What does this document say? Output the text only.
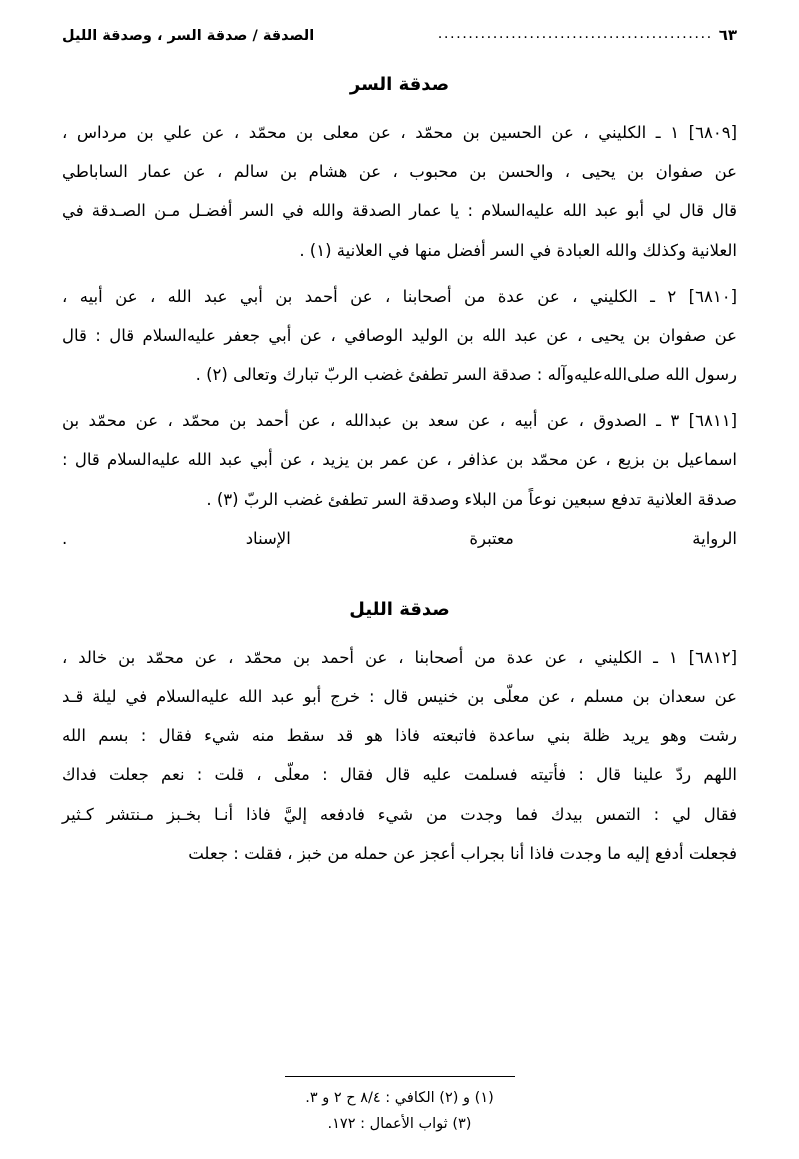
الصدقة / صدقة السر ، وصدقة الليل	............................................. ٦٣
صدقة السر

[٦٨٠٩] ١ ـ الكليني ، عن الحسين بن محمّد ، عن معلى بن محمّد ، عن علي بن مرداس ،

عن صفوان بن يحيى ، والحسن بن محبوب ، عن هشام بن سالم ، عن عمار الساباطي

قال قال لي أبو عبد الله عليه‌السلام : يا عمار الصدقة والله في السر أفضـل مـن الصـدقة في

العلانية وكذلك والله العبادة في السر أفضل منها في العلانية (١) .

[٦٨١٠] ٢ ـ الكليني ، عن عدة من أصحابنا ، عن أحمد بن أبي عبد الله ، عن أبيه ،

عن صفوان بن يحيى ، عن عبد الله بن الوليد الوصافي ، عن أبي جعفر عليه‌السلام قال : قال

رسول الله صلى‌الله‌عليه‌وآله : صدقة السر تطفئ غضب الربّ تبارك وتعالى (٢) .

[٦٨١١] ٣ ـ الصدوق ، عن أبيه ، عن سعد بن عبدالله ، عن أحمد بن محمّد ، عن محمّد بن

اسماعيل بن بزيع ، عن محمّد بن عذافر ، عن عمر بن يزيد ، عن أبي عبد الله عليه‌السلام قال :

صدقة العلانية تدفع سبعين نوعاً من البلاء وصدقة السر تطفئ غضب الربّ (٣) .

الرواية معتبرة الإسناد .

صدقة الليل

[٦٨١٢] ١ ـ الكليني ، عن عدة من أصحابنا ، عن أحمد بن محمّد ، عن محمّد بن خالد ،

عن سعدان بن مسلم ، عن معلّى بن خنيس قال : خرج أبو عبد الله عليه‌السلام في ليلة قـد

رشت وهو يريد ظلة بني ساعدة فاتبعته فاذا هو قد سقط منه شيء فقال : بسم الله

اللهم ردّ علينا قال : فأتيته فسلمت عليه قال فقال : معلّى ، قلت : نعم جعلت فداك

فقال لي : التمس بيدك فما وجدت من شيء فادفعه إليَّ فاذا أنـا بخـبز مـنتشر كـثير

فجعلت أدفع إليه ما وجدت فاذا أنا بجراب أعجز عن حمله من خبز ، فقلت : جعلت

(١) و (٢) الكافي : ٨/٤ ح ٢ و ٣.

(٣) ثواب الأعمال : ١٧٢.
